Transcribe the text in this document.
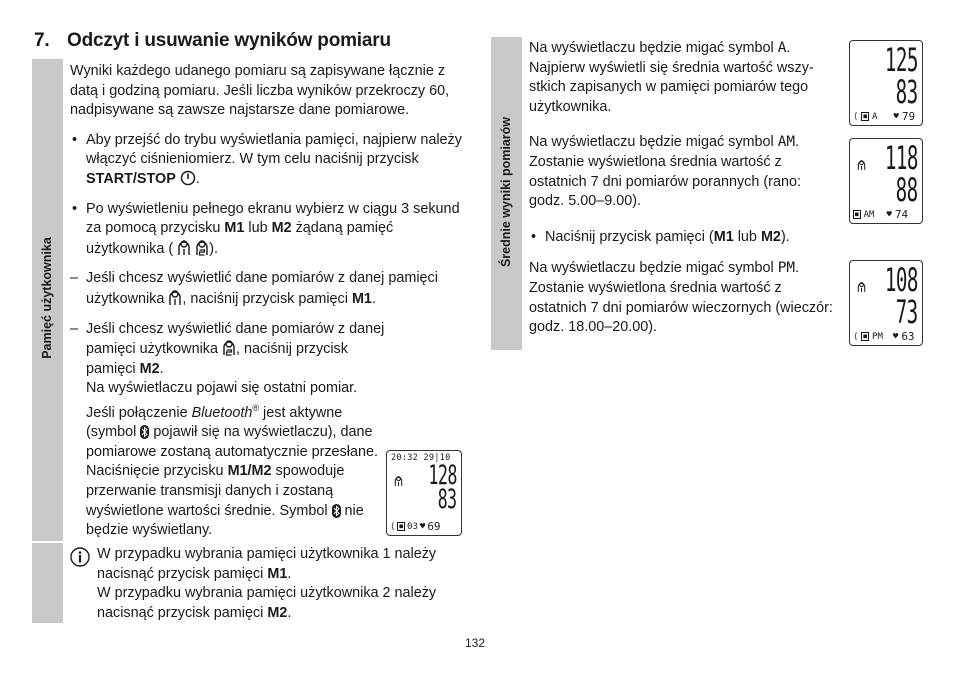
7. Odczyt i usuwanie wyników pomiaru
Pamięć użytkownika
Średnie wyniki pomiarów

Wyniki każdego udanego pomiaru są zapisywane łącznie z datą i godziną pomiaru. Jeśli liczba wyników przekroczy 60, nadpisywane są zawsze najstarsze dane pomiarowe.

• Aby przejść do trybu wyświetlania pamięci, najpierw należy włączyć ciśnieniomierz. W tym celu naciśnij przycisk START/STOP .
• Po wyświetleniu pełnego ekranu wybierz w ciągu 3 sekund za pomocą przycisku M1 lub M2 żądaną pamięć użytkownika (	).
– Jeśli chcesz wyświetlić dane pomiarów z danej pamięci użytkownika , naciśnij przycisk pamięci M1.
– Jeśli chcesz wyświetlić dane pomiarów z danej pamięci użytkownika , naciśnij przycisk pamięci M2.
Na wyświetlaczu pojawi się ostatni pomiar.
Jeśli połączenie Bluetooth® jest aktywne (symbol  pojawił się na wyświetlaczu), dane pomiarowe zostaną automatycznie przesłane.
Naciśnięcie przycisku M1/M2 spowoduje przerwanie transmisji danych i zostaną wyświetlone wartości średnie. Symbol  nie będzie wyświetlany.
W przypadku wybrania pamięci użytkownika 1 należy nacisnąć przycisk pamięci M1.
W przypadku wybrania pamięci użytkownika 2 należy nacisnąć przycisk pamięci M2.

Na wyświetlaczu będzie migać symbol A. Najpierw wyświetli się średnia wartość wszystkich zapisanych w pamięci pomiarów tego użytkownika.

Na wyświetlaczu będzie migać symbol AM. Zostanie wyświetlona średnia wartość z ostatnich 7 dni pomiarów porannych (rano: godz. 5.00–9.00).

• Naciśnij przycisk pamięci (M1 lub M2).

Na wyświetlaczu będzie migać symbol PM. Zostanie wyświetlona średnia wartość z ostatnich 7 dni pomiarów wieczornych (wieczór: godz. 18.00–20.00).

20:32 29|10
128
83
⟨ ■ 03 ♥ 69
125
83
⟨ ■ A ♥ 79
118
88
■ AM ♥ 74
108
73
⟨ ■ PM ♥ 63
132
